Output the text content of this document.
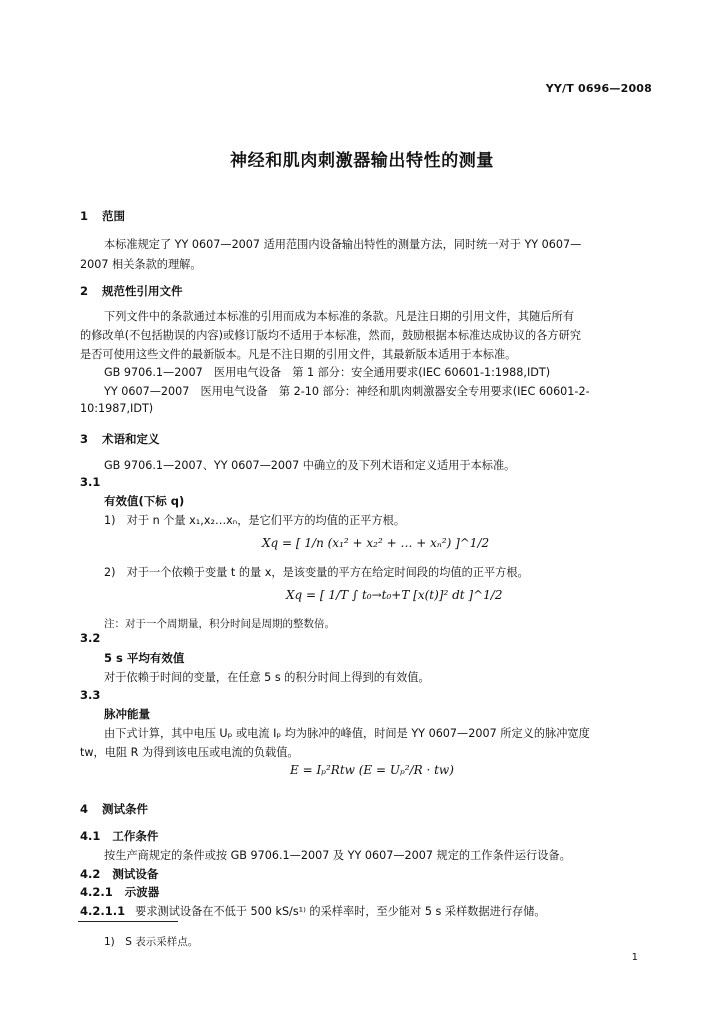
YY/T 0696—2008
神经和肌肉刺激器输出特性的测量
1 范围
本标准规定了 YY 0607—2007 适用范围内设备输出特性的测量方法，同时统一对于 YY 0607—
2007 相关条款的理解。
2 规范性引用文件
下列文件中的条款通过本标准的引用而成为本标准的条款。凡是注日期的引用文件，其随后所有
的修改单(不包括勘误的内容)或修订版均不适用于本标准，然而，鼓励根据本标准达成协议的各方研究
是否可使用这些文件的最新版本。凡是不注日期的引用文件，其最新版本适用于本标准。
GB 9706.1—2007　医用电气设备　第 1 部分：安全通用要求(IEC 60601-1:1988,IDT)
YY 0607—2007　医用电气设备　第 2-10 部分：神经和肌肉刺激器安全专用要求(IEC 60601-2-
10:1987,IDT)
3 术语和定义
GB 9706.1—2007、YY 0607—2007 中确立的及下列术语和定义适用于本标准。
3.1
有效值(下标 q)
1)　对于 n 个量 x₁,x₂…xₙ，是它们平方的均值的正平方根。
Xq = [ 1/n (x₁² + x₂² + … + xₙ²) ]^1/2
2)　对于一个依赖于变量 t 的量 x，是该变量的平方在给定时间段的均值的正平方根。
Xq = [ 1/T ∫ t₀→t₀+T [x(t)]² dt ]^1/2
注：对于一个周期量，积分时间是周期的整数倍。
3.2
5 s 平均有效值
对于依赖于时间的变量，在任意 5 s 的积分时间上得到的有效值。
3.3
脉冲能量
由下式计算，其中电压 Uₚ 或电流 Iₚ 均为脉冲的峰值，时间是 YY 0607—2007 所定义的脉冲宽度
tw，电阻 R 为得到该电压或电流的负载值。
E = Iₚ²Rtw (E = Uₚ²/R · tw)
4 测试条件
4.1 工作条件
按生产商规定的条件或按 GB 9706.1—2007 及 YY 0607—2007 规定的工作条件运行设备。
4.2 测试设备
4.2.1 示波器
4.2.1.1 要求测试设备在不低于 500 kS/s¹⁾ 的采样率时，至少能对 5 s 采样数据进行存储。
1)　S 表示采样点。
1
